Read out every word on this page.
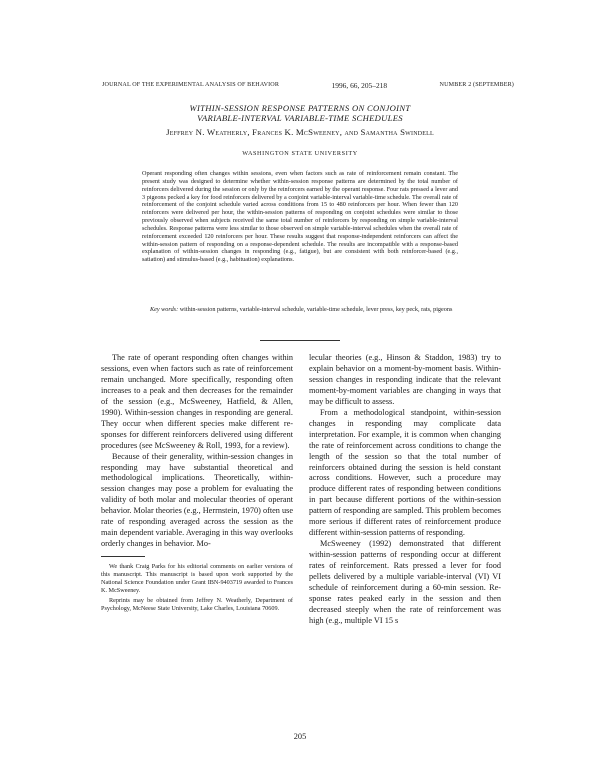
JOURNAL OF THE EXPERIMENTAL ANALYSIS OF BEHAVIOR	1996, 66, 205–218	NUMBER 2 (SEPTEMBER)
WITHIN-SESSION RESPONSE PATTERNS ON CONJOINT
VARIABLE-INTERVAL VARIABLE-TIME SCHEDULES
Jeffrey N. Weatherly, Frances K. McSweeney, and Samantha Swindell
WASHINGTON STATE UNIVERSITY
Operant responding often changes within sessions, even when factors such as rate of reinforcement remain constant. The present study was designed to determine whether within-session response patterns are determined by the total number of reinforcers delivered during the session or only by the reinforcers earned by the operant response. Four rats pressed a lever and 3 pigeons pecked a key for food reinforcers delivered by a conjoint variable-interval variable-time schedule. The overall rate of reinforcement of the conjoint schedule varied across conditions from 15 to 480 reinforcers per hour. When fewer than 120 reinforcers were delivered per hour, the within-session patterns of responding on conjoint schedules were similar to those previously observed when subjects received the same total number of reinforcers by responding on simple variable-interval schedules. Response patterns were less similar to those observed on simple variable-interval schedules when the overall rate of reinforcement exceeded 120 reinforcers per hour. These results suggest that response-independent reinforcers can affect the within-session pattern of responding on a response-dependent schedule. The results are incompatible with a response-based explanation of within-session changes in responding (e.g., fatigue), but are consistent with both reinforcer-based (e.g., satiation) and stimulus-based (e.g., habituation) explanations.
Key words: within-session patterns, variable-interval schedule, variable-time schedule, lever press, key peck, rats, pigeons

The rate of operant responding often changes within sessions, even when factors such as rate of reinforcement remain unchanged. More specifically, responding often increases to a peak and then decreases for the remainder of the session (e.g., McSweeney, Hatfield, & Allen, 1990). Within-session changes in responding are general. They occur when different species make different responses for different reinforcers delivered using different procedures (see McSweeney & Roll, 1993, for a review).

Because of their generality, within-session changes in responding may have substantial theoretical and methodological implications. Theoretically, within-session changes may pose a problem for evaluating the validity of both molar and molecular theories of operant behavior. Molar theories (e.g., Herrnstein, 1970) often use rate of responding averaged across the session as the main dependent variable. Averaging in this way overlooks orderly changes in behavior. Mo-

We thank Craig Parks for his editorial comments on earlier versions of this manuscript. This manuscript is based upon work supported by the National Science Foundation under Grant IBN-9403719 awarded to Frances K. McSweeney.

Reprints may be obtained from Jeffrey N. Weatherly, Department of Psychology, McNeese State University, Lake Charles, Louisiana 70609.

lecular theories (e.g., Hinson & Staddon, 1983) try to explain behavior on a moment-by-moment basis. Within-session changes in responding indicate that the relevant moment-by-moment variables are changing in ways that may be difficult to assess.

From a methodological standpoint, within-session changes in responding may complicate data interpretation. For example, it is common when changing the rate of reinforcement across conditions to change the length of the session so that the total number of reinforcers obtained during the session is held constant across conditions. However, such a procedure may produce different rates of responding between conditions in part because different portions of the within-session pattern of responding are sampled. This problem becomes more serious if different rates of reinforcement produce different within-session patterns of responding.

McSweeney (1992) demonstrated that different within-session patterns of responding occur at different rates of reinforcement. Rats pressed a lever for food pellets delivered by a multiple variable-interval (VI) VI schedule of reinforcement during a 60-min session. Response rates peaked early in the session and then decreased steeply when the rate of reinforcement was high (e.g., multiple VI 15 s

205
